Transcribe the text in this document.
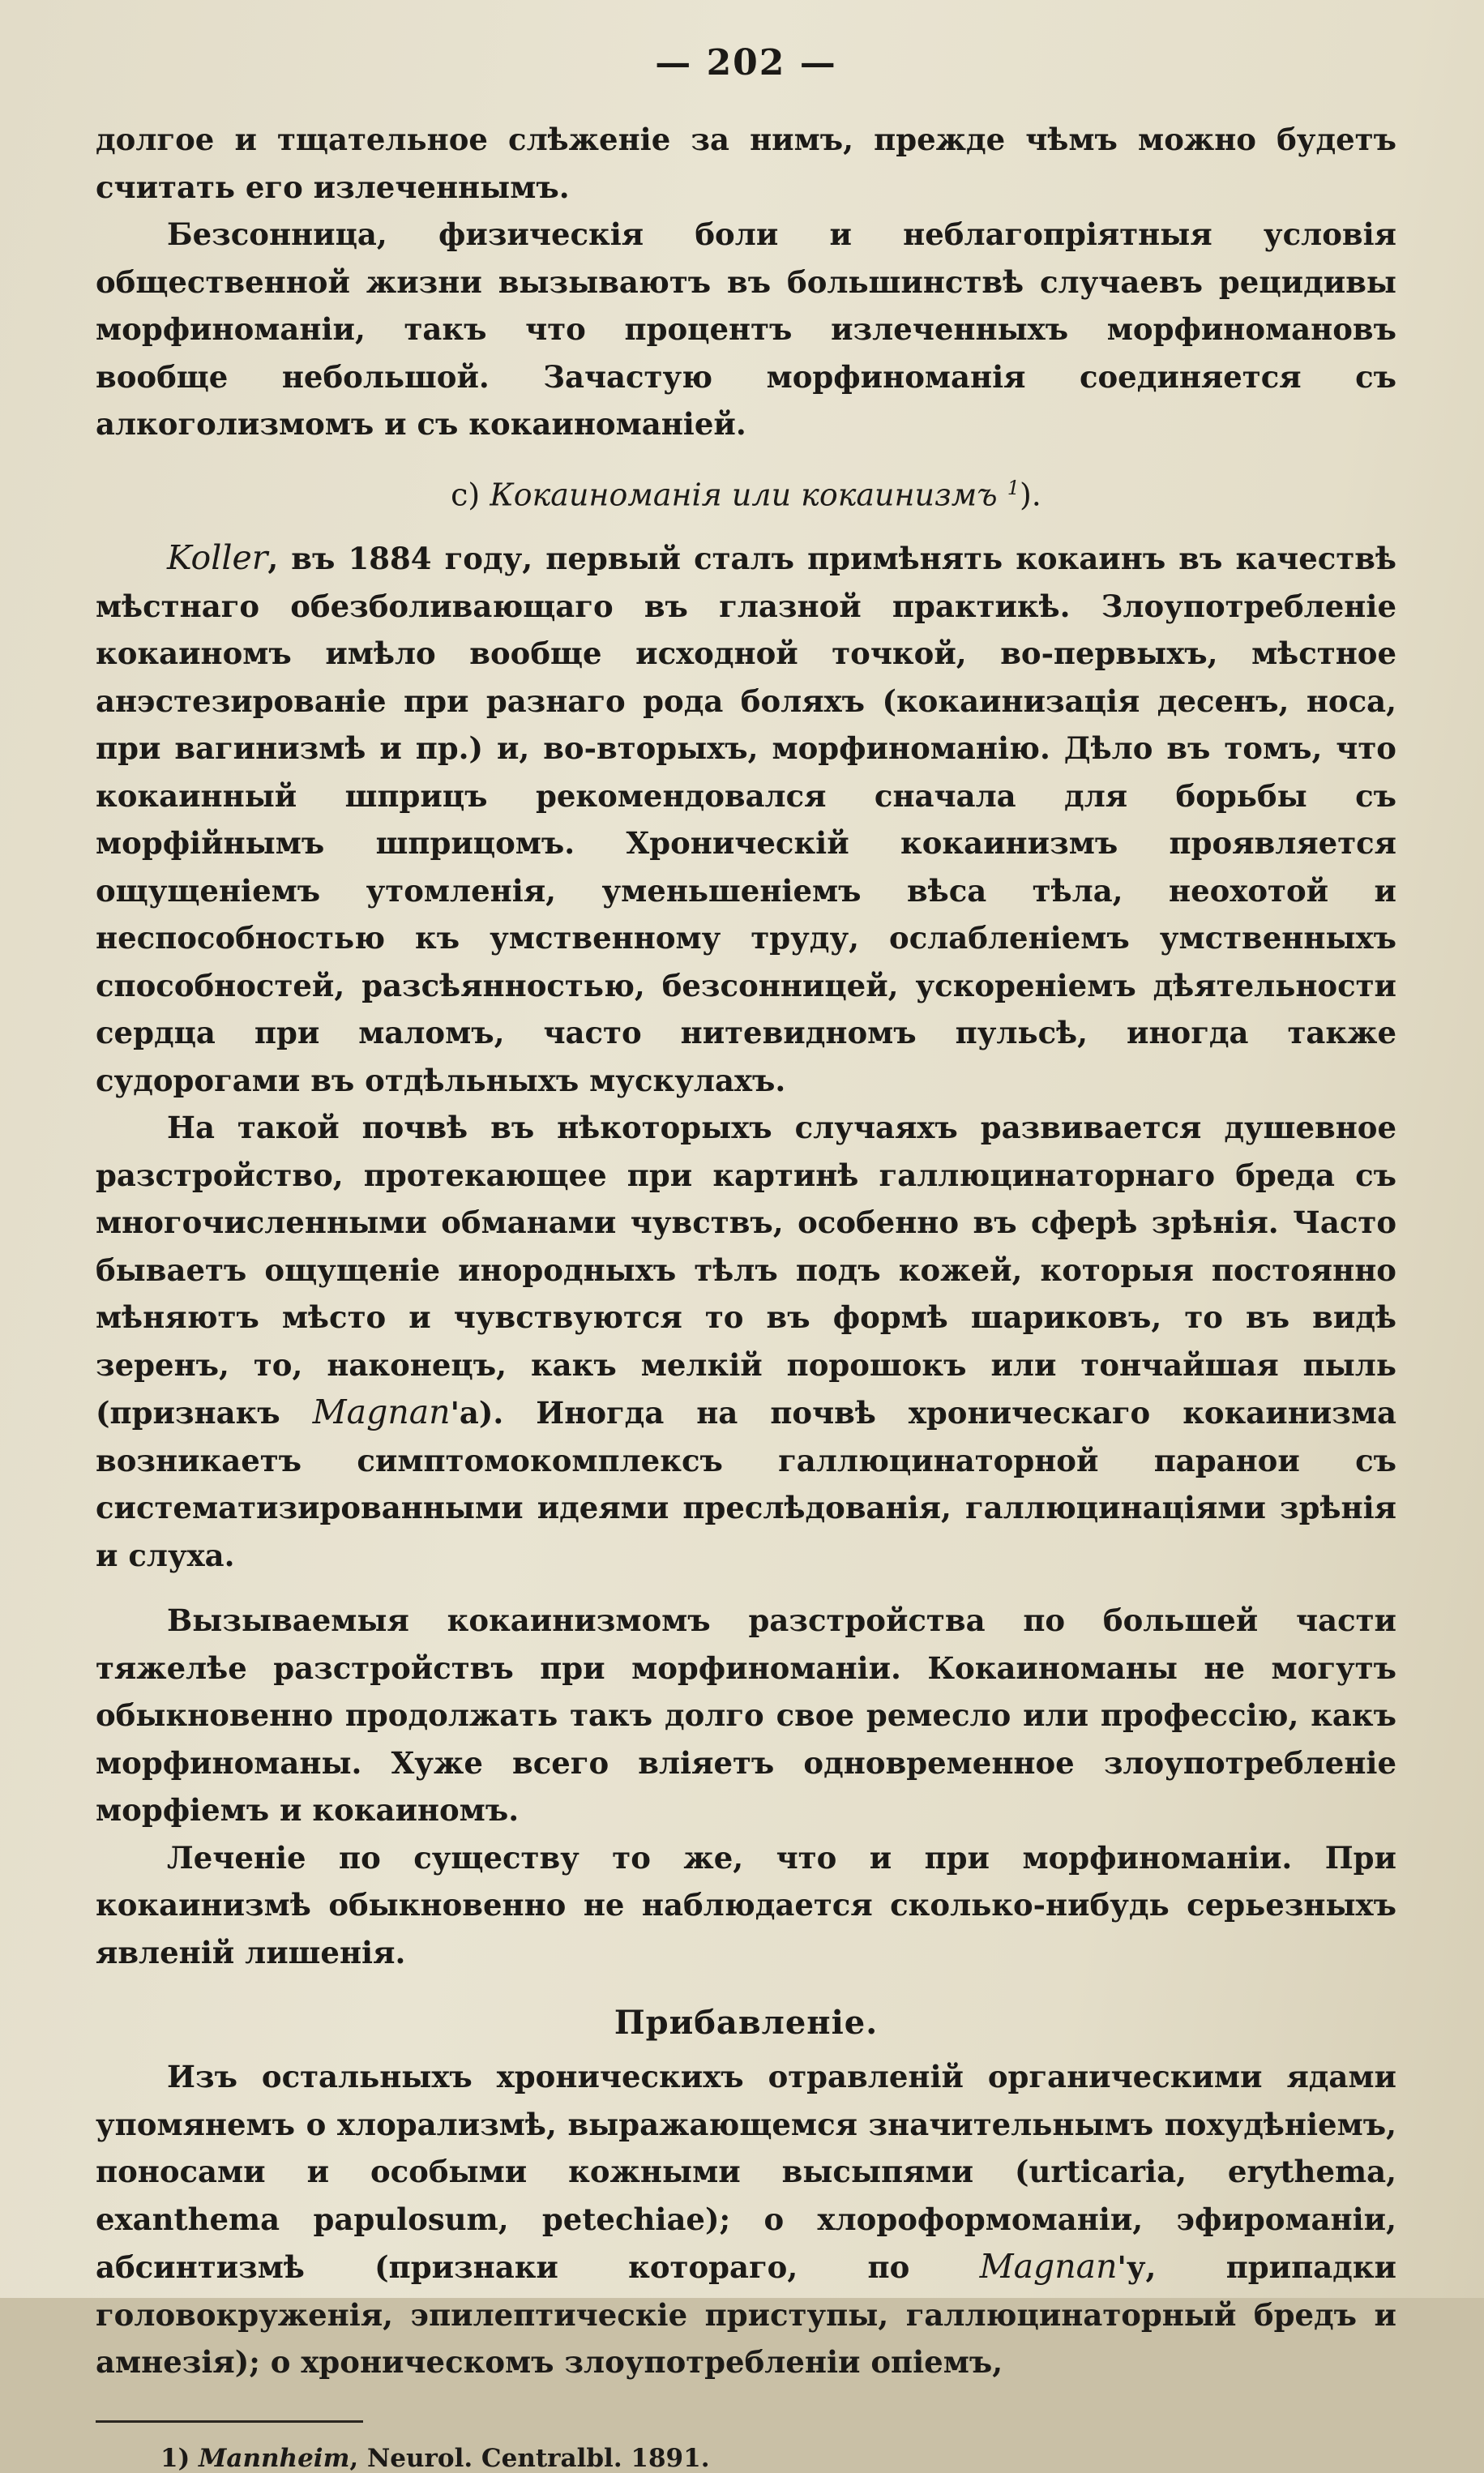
— 202 —

долгое и тщательное слѣженіе за нимъ, прежде чѣмъ можно будетъ считать его излеченнымъ.

Безсонница, физическія боли и неблагопріятныя условія общественной жизни вызываютъ въ большинствѣ случаевъ рецидивы морфиноманіи, такъ что процентъ излеченныхъ морфиномановъ вообще небольшой. Зачастую морфиноманія соединяется съ алкоголизмомъ и съ кокаиноманіей.

c) Кокаиноманія или кокаинизмъ $^1$).

Koller, въ 1884 году, первый сталъ примѣнять кокаинъ въ качествѣ мѣстнаго обезболивающаго въ глазной практикѣ. Злоупотребленіе кокаиномъ имѣло вообще исходной точкой, во-первыхъ, мѣстное анэстезированіе при разнаго рода боляхъ (кокаинизація десенъ, носа, при вагинизмѣ и пр.) и, во-вторыхъ, морфиноманію. Дѣло въ томъ, что кокаинный шприцъ рекомендовался сначала для борьбы съ морфійнымъ шприцомъ. Хроническій кокаинизмъ проявляется ощущеніемъ утомленія, уменьшеніемъ вѣса тѣла, неохотой и неспособностью къ умственному труду, ослабленіемъ умственныхъ способностей, разсѣянностью, безсонницей, ускореніемъ дѣятельности сердца при маломъ, часто нитевидномъ пульсѣ, иногда также судорогами въ отдѣльныхъ мускулахъ.

На такой почвѣ въ нѣкоторыхъ случаяхъ развивается душевное разстройство, протекающее при картинѣ галлюцинаторнаго бреда съ многочисленными обманами чувствъ, особенно въ сферѣ зрѣнія. Часто бываетъ ощущеніе инородныхъ тѣлъ подъ кожей, которыя постоянно мѣняютъ мѣсто и чувствуются то въ формѣ шариковъ, то въ видѣ зеренъ, то, наконецъ, какъ мелкій порошокъ или тончайшая пыль (признакъ Magnan'а). Иногда на почвѣ хроническаго кокаинизма возникаетъ симптомокомплексъ галлюцинаторной паранои съ систематизированными идеями преслѣдованія, галлюцинаціями зрѣнія и слуха.

Вызываемыя кокаинизмомъ разстройства по большей части тяжелѣе разстройствъ при морфиноманіи. Кокаиноманы не могутъ обыкновенно продолжать такъ долго свое ремесло или профессію, какъ морфиноманы. Хуже всего вліяетъ одновременное злоупотребленіе морфіемъ и кокаиномъ.

Леченіе по существу то же, что и при морфиноманіи. При кокаинизмѣ обыкновенно не наблюдается сколько-нибудь серьезныхъ явленій лишенія.

Прибавленіе.

Изъ остальныхъ хроническихъ отравленій органическими ядами упомянемъ о хлорализмѣ, выражающемся значительнымъ похудѣніемъ, поносами и особыми кожными высыпями (urticaria, erythema, exanthema papulosum, petechiae); о хлороформоманіи, эфироманіи, абсинтизмѣ (признаки котораго, по Magnan'у, припадки головокруженія, эпилептическіе приступы, галлюцинаторный бредъ и амнезія); о хроническомъ злоупотребленіи опіемъ,

1) Mannheim, Neurol. Centralbl. 1891.
